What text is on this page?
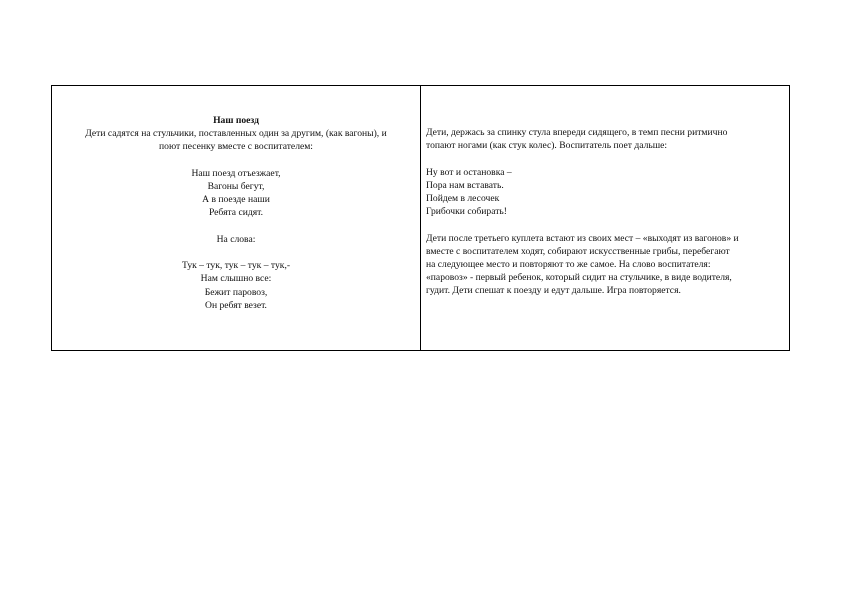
Наш поезд
Дети садятся на стульчики, поставленных один за другим, (как вагоны), и
поют песенку вместе с воспитателем:
Наш поезд отъезжает,
Вагоны бегут,
А в поезде наши
Ребята сидят.
На слова:
Тук – тук, тук – тук – тук,-
Нам слышно все:
Бежит паровоз,
Он ребят везет.
Дети, держась за спинку стула впереди сидящего, в темп песни ритмично
топают ногами (как стук колес). Воспитатель поет дальше:
Ну вот и остановка –
Пора нам вставать.
Пойдем в лесочек
Грибочки собирать!
Дети после третьего куплета встают из своих мест – «выходят из вагонов» и
вместе с воспитателем ходят, собирают искусственные грибы, перебегают
на следующее место и повторяют то же самое. На слово воспитателя:
«паровоз» - первый ребенок, который сидит на стульчике, в виде водителя,
гудит. Дети спешат к поезду и едут дальше. Игра повторяется.
